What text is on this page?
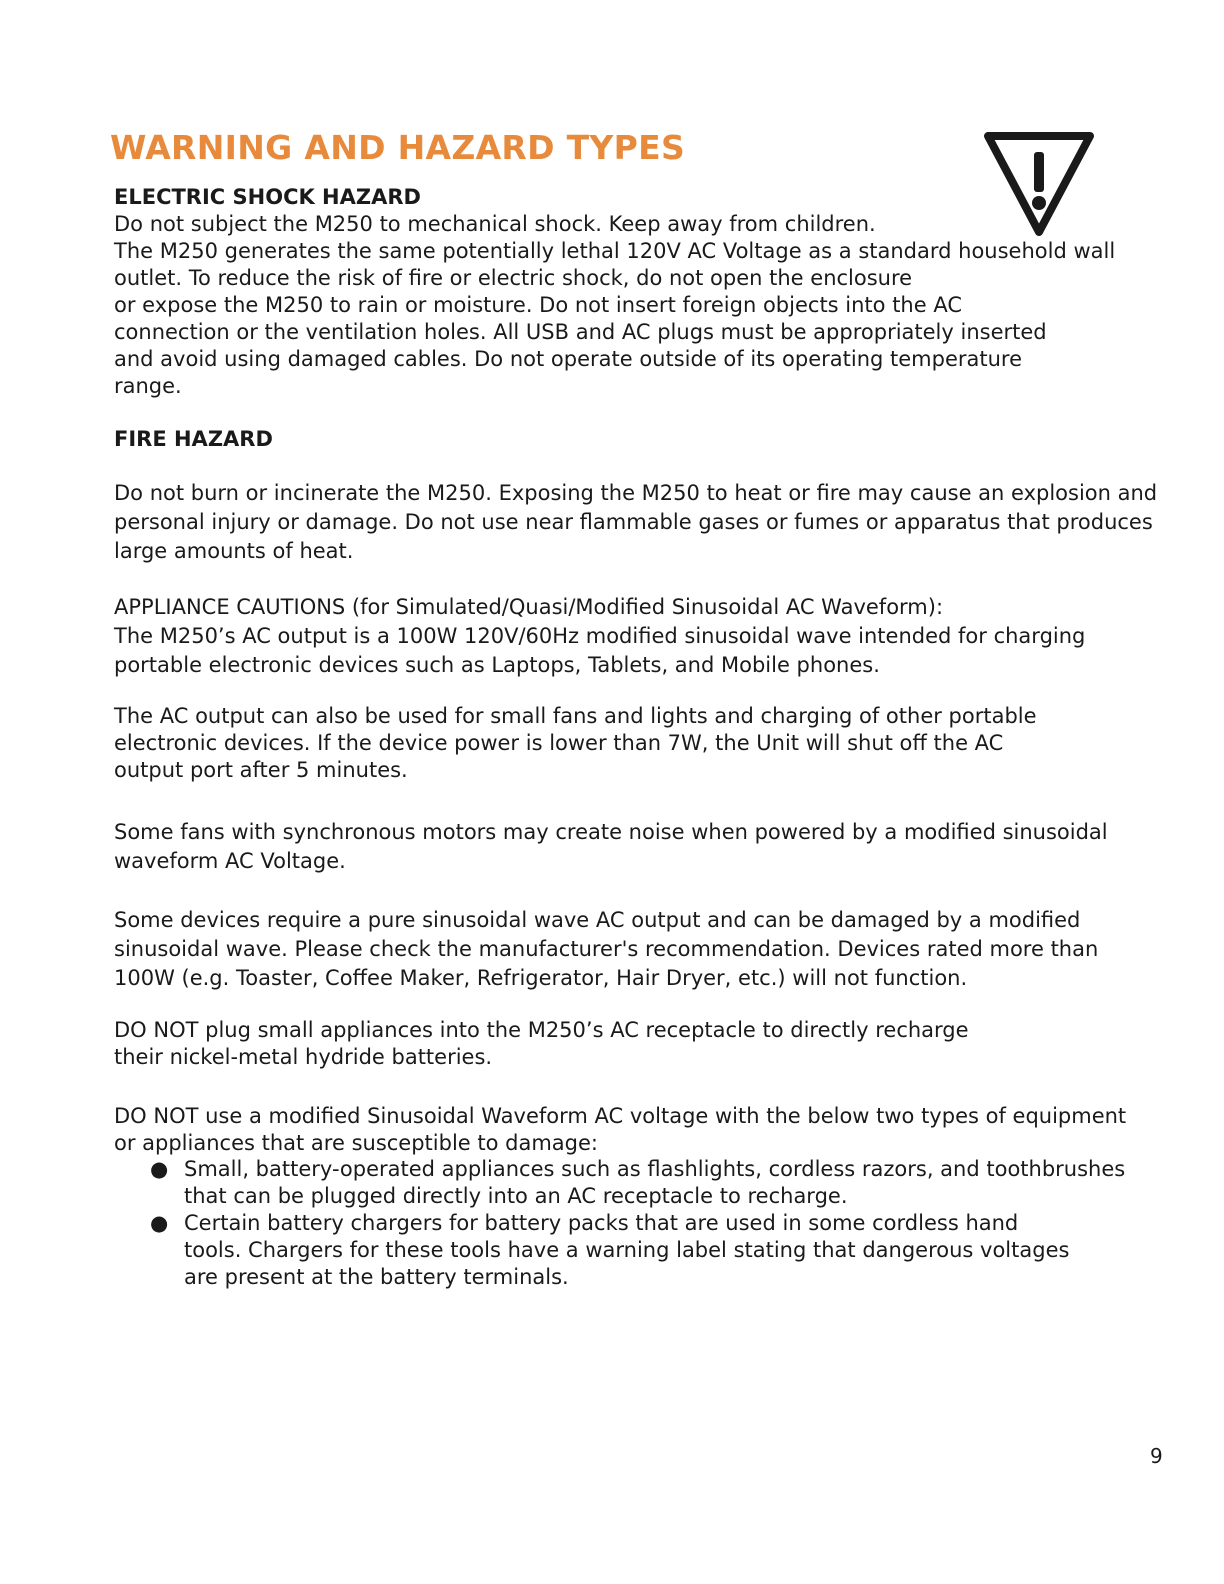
WARNING AND HAZARD TYPES
ELECTRIC SHOCK HAZARD
Do not subject the M250 to mechanical shock. Keep away from children.
The M250 generates the same potentially lethal 120V AC Voltage as a standard household wall
outlet. To reduce the risk of fire or electric shock, do not open the enclosure
or expose the M250 to rain or moisture. Do not insert foreign objects into the AC
connection or the ventilation holes. All USB and AC plugs must be appropriately inserted
and avoid using damaged cables. Do not operate outside of its operating temperature
range.
FIRE HAZARD
Do not burn or incinerate the M250. Exposing the M250 to heat or fire may cause an explosion and
personal injury or damage. Do not use near flammable gases or fumes or apparatus that produces
large amounts of heat.
APPLIANCE CAUTIONS (for Simulated/Quasi/Modified Sinusoidal AC Waveform):
The M250’s AC output is a 100W 120V/60Hz modified sinusoidal wave intended for charging
portable electronic devices such as Laptops, Tablets, and Mobile phones.
The AC output can also be used for small fans and lights and charging of other portable
electronic devices. If the device power is lower than 7W, the Unit will shut off the AC
output port after 5 minutes.
Some fans with synchronous motors may create noise when powered by a modified sinusoidal
waveform AC Voltage.
Some devices require a pure sinusoidal wave AC output and can be damaged by a modified
sinusoidal wave. Please check the manufacturer's recommendation. Devices rated more than
100W (e.g. Toaster, Coffee Maker, Refrigerator, Hair Dryer, etc.) will not function.
DO NOT plug small appliances into the M250’s AC receptacle to directly recharge
their nickel-metal hydride batteries.
DO NOT use a modified Sinusoidal Waveform AC voltage with the below two types of equipment
or appliances that are susceptible to damage:
● Small, battery-operated appliances such as flashlights, cordless razors, and toothbrushes
that can be plugged directly into an AC receptacle to recharge.
● Certain battery chargers for battery packs that are used in some cordless hand
tools. Chargers for these tools have a warning label stating that dangerous voltages
are present at the battery terminals.
9
